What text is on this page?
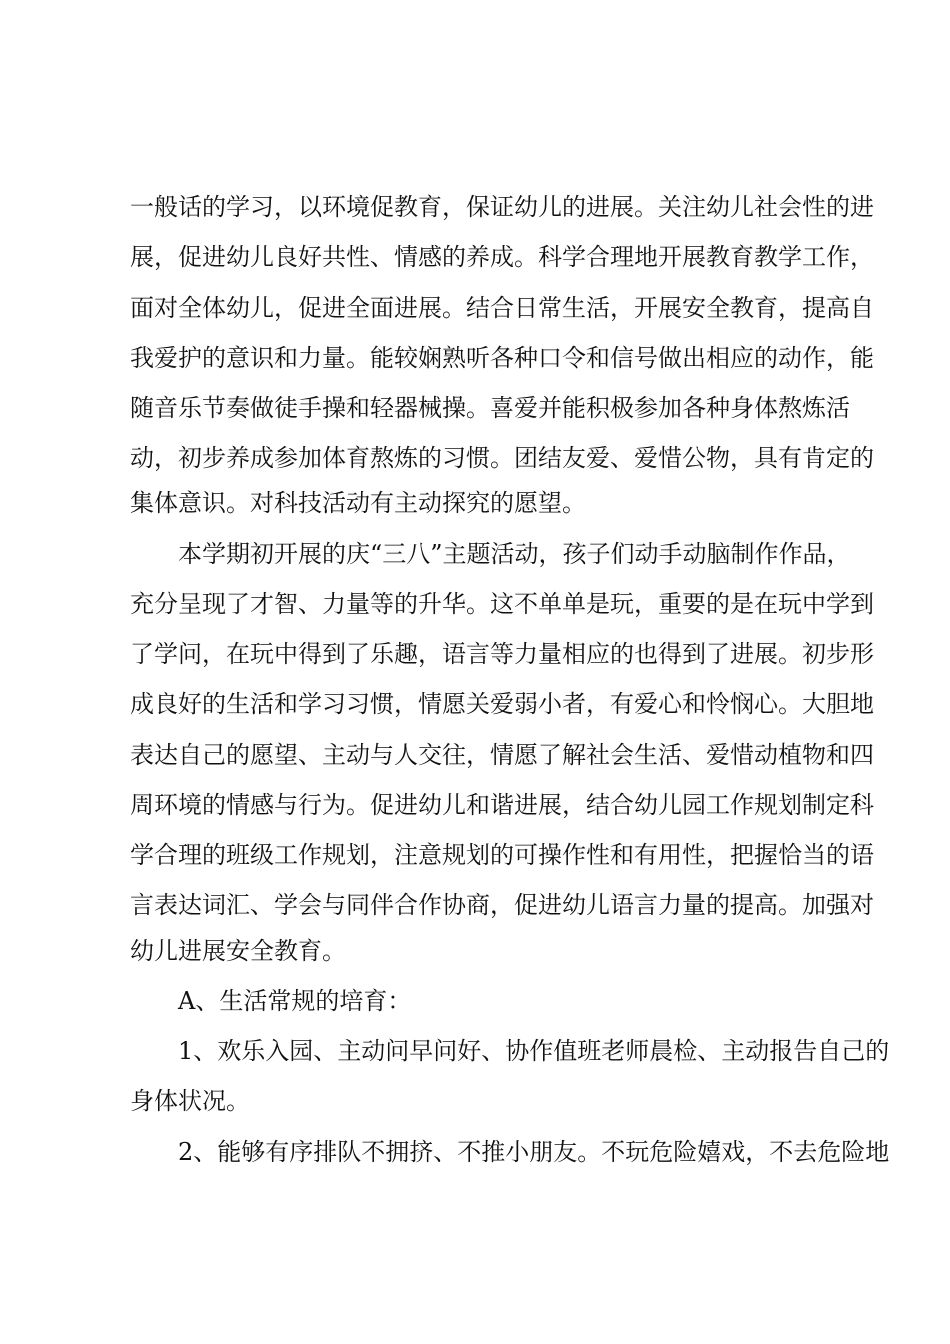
一般话的学习，以环境促教育，保证幼儿的进展。关注幼儿社会性的进
展，促进幼儿良好共性、情感的养成。科学合理地开展教育教学工作，
面对全体幼儿，促进全面进展。结合日常生活，开展安全教育，提高自
我爱护的意识和力量。能较娴熟听各种口令和信号做出相应的动作，能
随音乐节奏做徒手操和轻器械操。喜爱并能积极参加各种身体熬炼活
动，初步养成参加体育熬炼的习惯。团结友爱、爱惜公物，具有肯定的
集体意识。对科技活动有主动探究的愿望。
本学期初开展的庆“三八”主题活动，孩子们动手动脑制作作品，
充分呈现了才智、力量等的升华。这不单单是玩，重要的是在玩中学到
了学问，在玩中得到了乐趣，语言等力量相应的也得到了进展。初步形
成良好的生活和学习习惯，情愿关爱弱小者，有爱心和怜悯心。大胆地
表达自己的愿望、主动与人交往，情愿了解社会生活、爱惜动植物和四
周环境的情感与行为。促进幼儿和谐进展，结合幼儿园工作规划制定科
学合理的班级工作规划，注意规划的可操作性和有用性，把握恰当的语
言表达词汇、学会与同伴合作协商，促进幼儿语言力量的提高。加强对
幼儿进展安全教育。
A、生活常规的培育：
1、欢乐入园、主动问早问好、协作值班老师晨检、主动报告自己的
身体状况。
2、能够有序排队不拥挤、不推小朋友。不玩危险嬉戏，不去危险地
